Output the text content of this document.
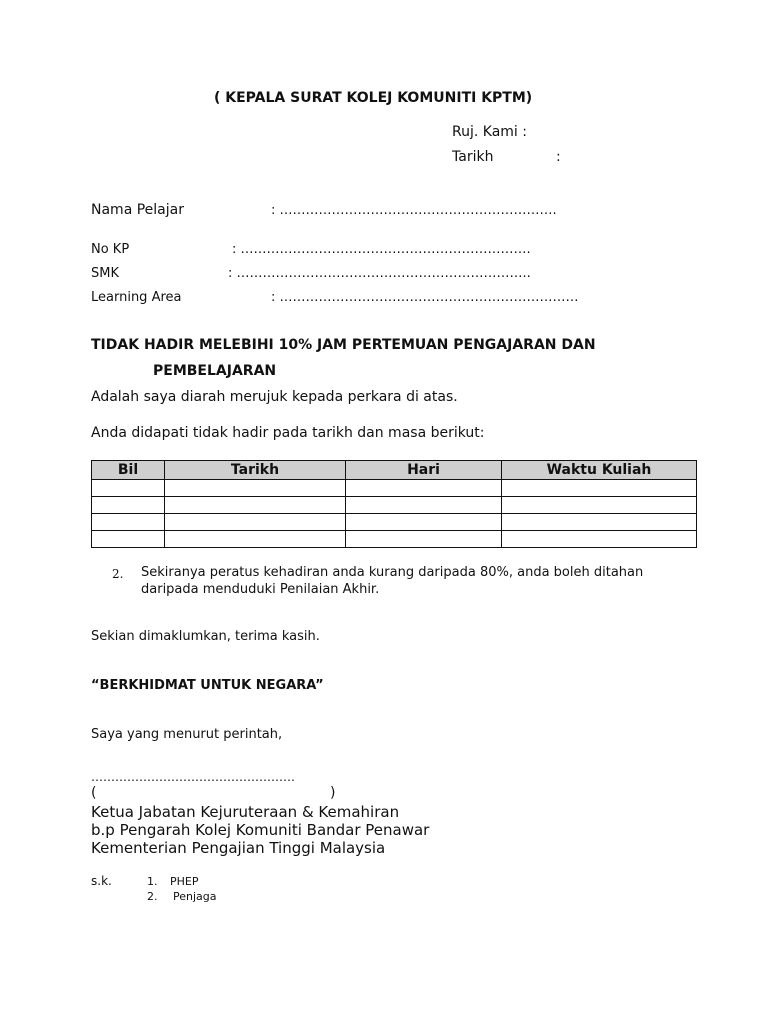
( KEPALA SURAT KOLEJ KOMUNITI KPTM)
Ruj. Kami :
Tarikh	:
Nama Pelajar	: ……………………………………………………….
No KP	: ………………………………………………………….
SMK	: …………………………………………………………..
Learning Area	: ……………………………………………………………
TIDAK HADIR MELEBIHI 10% JAM PERTEMUAN PENGAJARAN DAN
PEMBELAJARAN
Adalah saya diarah merujuk kepada perkara di atas.
Anda didapati tidak hadir pada tarikh dan masa berikut:
Bil	Tarikh	Hari	Waktu Kuliah

2. Sekiranya peratus kehadiran anda kurang daripada 80%, anda boleh ditahan
daripada menduduki Penilaian Akhir.
Sekian dimaklumkan, terima kasih.
“BERKHIDMAT UNTUK NEGARA”
Saya yang menurut perintah,
……………………………………………
(	)
Ketua Jabatan Kejuruteraan & Kemahiran
b.p Pengarah Kolej Komuniti Bandar Penawar
Kementerian Pengajian Tinggi Malaysia
s.k.	1. PHEP
2. Penjaga
